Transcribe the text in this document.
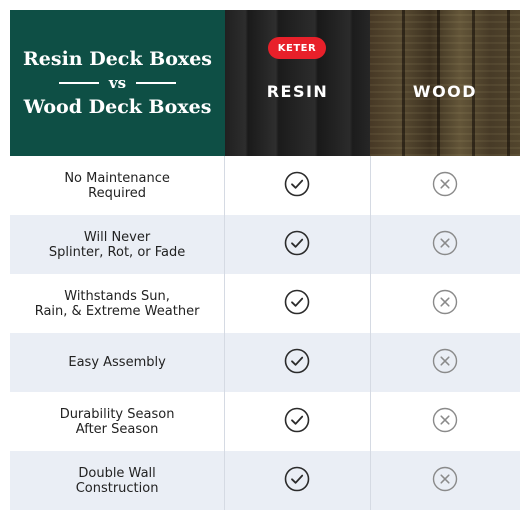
Resin Deck Boxes
vs
Wood Deck Boxes
KETER
RESIN	WOOD
No Maintenance
Required
Will Never
Splinter, Rot, or Fade
Withstands Sun,
Rain, & Extreme Weather
Easy Assembly
Durability Season
After Season
Double Wall
Construction
